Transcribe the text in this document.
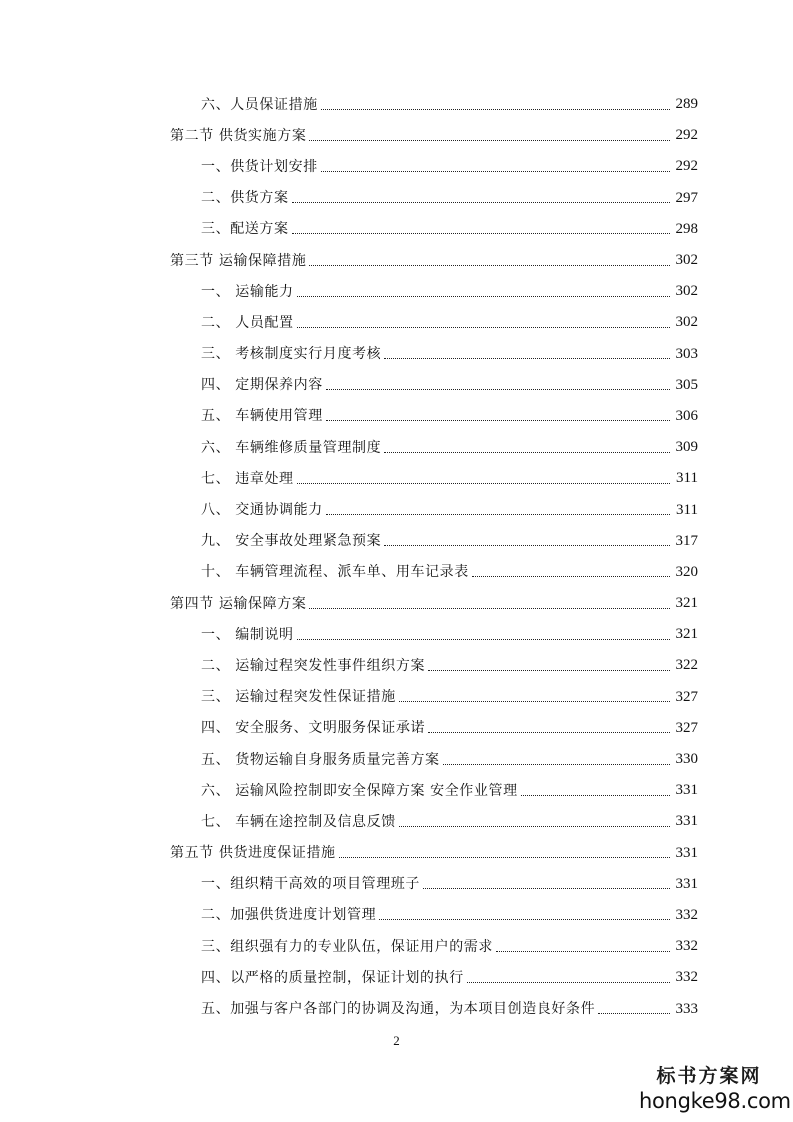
六、人员保证措施	289
第二节 供货实施方案	292
一、供货计划安排	292
二、供货方案	297
三、配送方案	298
第三节 运输保障措施	302
一、 运输能力	302
二、 人员配置	302
三、 考核制度实行月度考核	303
四、 定期保养内容	305
五、 车辆使用管理	306
六、 车辆维修质量管理制度	309
七、 违章处理	311
八、 交通协调能力	311
九、 安全事故处理紧急预案	317
十、 车辆管理流程、派车单、用车记录表	320
第四节 运输保障方案	321
一、 编制说明	321
二、 运输过程突发性事件组织方案	322
三、 运输过程突发性保证措施	327
四、 安全服务、文明服务保证承诺	327
五、 货物运输自身服务质量完善方案	330
六、 运输风险控制即安全保障方案 安全作业管理	331
七、 车辆在途控制及信息反馈	331
第五节 供货进度保证措施	331
一、组织精干高效的项目管理班子	331
二、加强供货进度计划管理	332
三、组织强有力的专业队伍，保证用户的需求	332
四、以严格的质量控制，保证计划的执行	332
五、加强与客户各部门的协调及沟通，为本项目创造良好条件	333
2
标书方案网
hongke98.com
